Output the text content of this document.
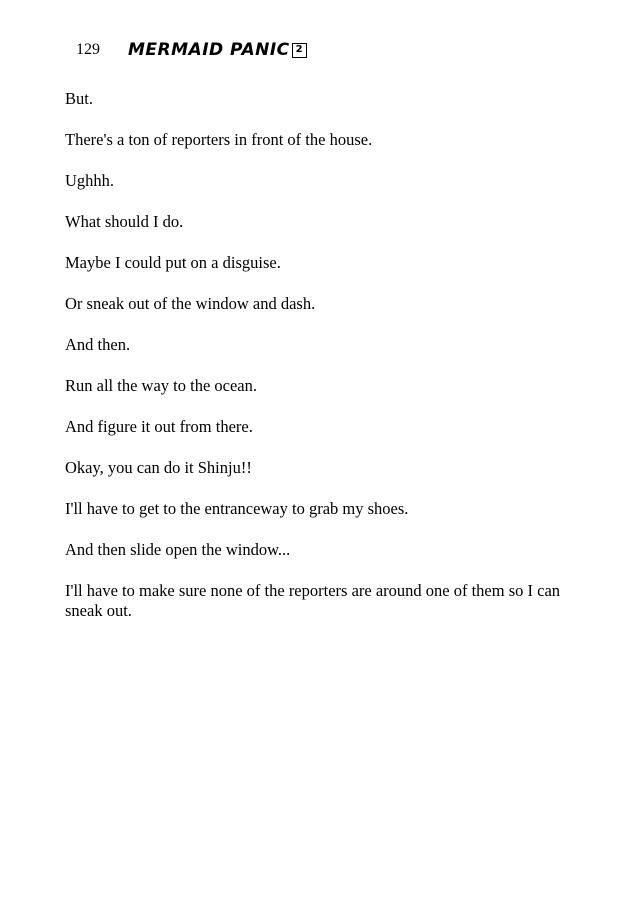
129 MERMAID PANIC 2

But.

There's a ton of reporters in front of the house.

Ughhh.

What should I do.

Maybe I could put on a disguise.

Or sneak out of the window and dash.

And then.

Run all the way to the ocean.

And figure it out from there.

Okay, you can do it Shinju!!

I'll have to get to the entranceway to grab my shoes.

And then slide open the window...

I'll have to make sure none of the reporters are around one of them so I can sneak out.
